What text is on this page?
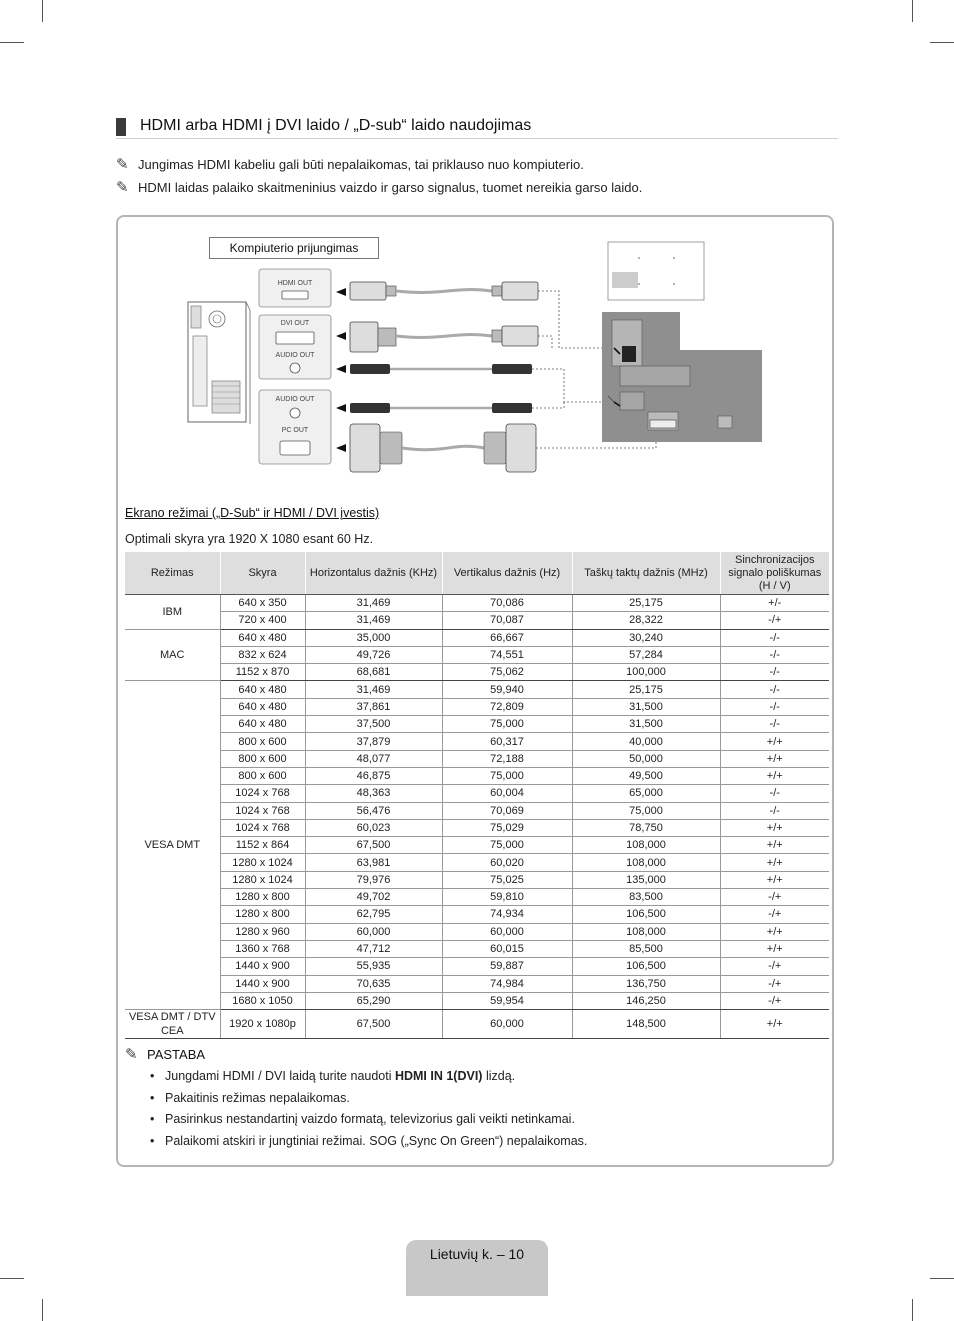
HDMI arba HDMI į DVI laido / „D-sub“ laido naudojimas
✎ Jungimas HDMI kabeliu gali būti nepalaikomas, tai priklauso nuo kompiuterio.
✎ HDMI laidas palaiko skaitmeninius vaizdo ir garso signalus, tuomet nereikia garso laido.
HDMI OUT
DVI OUT
AUDIO OUT
AUDIO OUT
PC OUT
Kompiuterio prijungimas
Ekrano režimai („D-Sub“ ir HDMI / DVI įvestis)
Optimali skyra yra 1920 X 1080 esant 60 Hz.
Režimas	Skyra	Horizontalus dažnis (KHz)	Vertikalus dažnis (Hz)	Taškų taktų dažnis (MHz)	Sinchronizacijos
signalo poliškumas
(H / V)
IBM	640 x 350	31,469	70,086	25,175	+/-
	720 x 400	31,469	70,087	28,322	-/+
MAC	640 x 480	35,000	66,667	30,240	-/-
	832 x 624	49,726	74,551	57,284	-/-
	1152 x 870	68,681	75,062	100,000	-/-
VESA DMT	640 x 480	31,469	59,940	25,175	-/-
	640 x 480	37,861	72,809	31,500	-/-
	640 x 480	37,500	75,000	31,500	-/-
	800 x 600	37,879	60,317	40,000	+/+
	800 x 600	48,077	72,188	50,000	+/+
	800 x 600	46,875	75,000	49,500	+/+
	1024 x 768	48,363	60,004	65,000	-/-
	1024 x 768	56,476	70,069	75,000	-/-
	1024 x 768	60,023	75,029	78,750	+/+
	1152 x 864	67,500	75,000	108,000	+/+
	1280 x 1024	63,981	60,020	108,000	+/+
	1280 x 1024	79,976	75,025	135,000	+/+
	1280 x 800	49,702	59,810	83,500	-/+
	1280 x 800	62,795	74,934	106,500	-/+
	1280 x 960	60,000	60,000	108,000	+/+
	1360 x 768	47,712	60,015	85,500	+/+
	1440 x 900	55,935	59,887	106,500	-/+
	1440 x 900	70,635	74,984	136,750	-/+
	1680 x 1050	65,290	59,954	146,250	-/+
VESA DMT / DTV CEA	1920 x 1080p	67,500	60,000	148,500	+/+
✎ PASTABA
• Jungdami HDMI / DVI laidą turite naudoti HDMI IN 1(DVI) lizdą.
• Pakaitinis režimas nepalaikomas.
• Pasirinkus nestandartinį vaizdo formatą, televizorius gali veikti netinkamai.
• Palaikomi atskiri ir jungtiniai režimai. SOG („Sync On Green“) nepalaikomas.
Lietuvių k. – 10
